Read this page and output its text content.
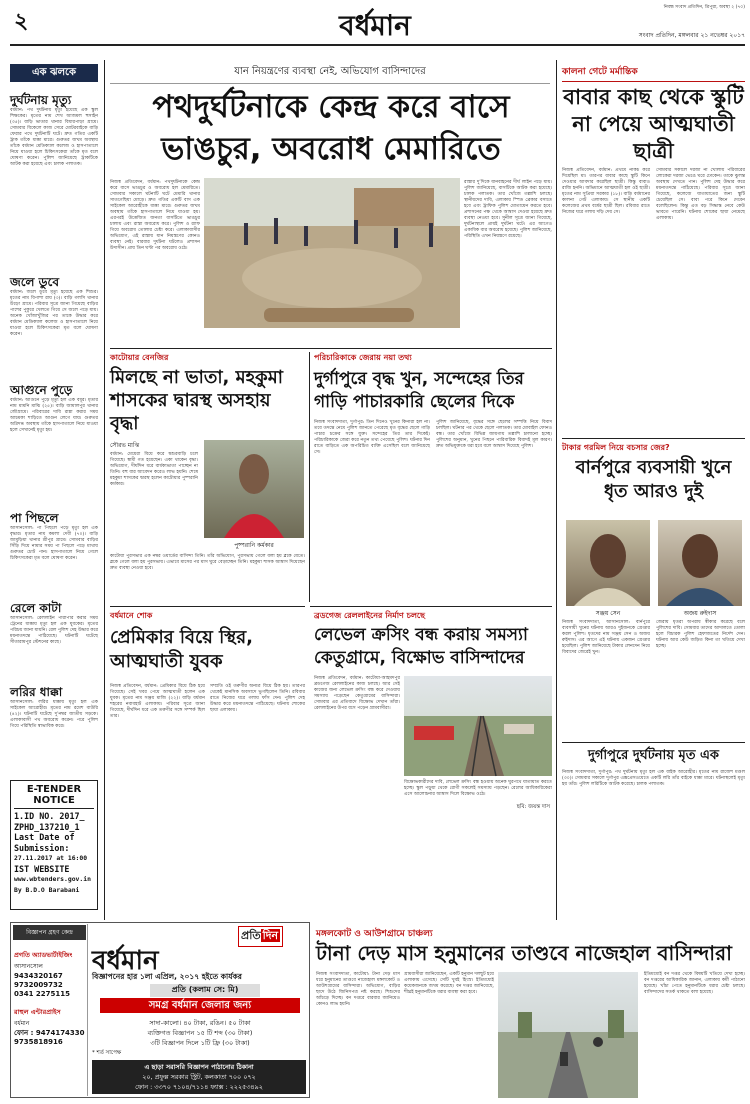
২	বর্ধমান
নিবন্ধ সংবাদ প্রতিদিন, ত্রিপুরা, অবস্থা ২ (৭০)
সংবাদ প্রতিদিন, মঙ্গলবার ২১ নভেম্বর ২০১৭
এক ঝলকে
দুর্ঘটনায় মৃত্যু
বর্ধমান: পথ দুর্ঘটনায় মৃত্যু হয়েছে এক স্কুল শিক্ষকের। মৃতের নাম শেখ আজমল হুসাইন (৩৫)। বাড়ি ভাতার থানার বিধারপাড়া গ্রামে। সোমবার বিকেলে কাজ সেরে মোটরবাইকে বাড়ি ফেরার পথে দুর্ঘটনাটি ঘটে। দ্রুত গতির একটি ট্রাক তাঁকে ধাক্কা মারে। গুরুতর জখম অবস্থায় তাঁকে বর্ধমান মেডিক্যাল কলেজ ও হাসপাতালে নিয়ে যাওয়া হলে চিকিৎসকেরা তাঁকে মৃত বলে ঘোষণা করেন। পুলিশ জানিয়েছে ট্রাকটিকে আটক করা হয়েছে এবং চালক পলাতক।
জলে ডুবে
বর্ধমান: জলে ডুবে মৃত্যু হয়েছে এক শিশুর। মৃতের নাম বিপাশা রায় (৩)। বাড়ি গলসি থানার উড়ো গ্রামে। পরিবার সূত্রে জানা গিয়েছে বাড়ির পাশের পুকুরে খেলতে গিয়ে সে জলে পড়ে যায়। অনেক খোঁজাখুঁজির পর তাকে উদ্ধার করে বর্ধমান মেডিক্যাল কলেজ ও হাসপাতালে নিয়ে যাওয়া হলে চিকিৎসকেরা মৃত বলে ঘোষণা করেন।
আগুনে পুড়ে
বর্ধমান: আগুনে পুড়ে মৃত্যু হল এক বধূর। মৃতার নাম মামনি মাঝি (২৫)। বাড়ি জামালপুর থানার জৌগ্রামে। পরিবারের দাবি রান্না করার সময় আচমকা শাড়িতে আগুন লেগে যায়। গুরুতর অগ্নিদগ্ধ অবস্থায় তাঁকে হাসপাতালে নিয়ে যাওয়া হলে সেখানেই মৃত্যু হয়।
পা পিছলে
আসানসোল: পা পিছলে পড়ে মৃত্যু হল এক বৃদ্ধার। মৃতার নাম কমলা দেবী (৭০)। বাড়ি জামুড়িয়া থানার শ্রীপুর গ্রামে। সোমবার বাড়ির সিঁড়ি দিয়ে নামার সময় পা পিছলে পড়ে মাথায় গুরুতর চোট পান। হাসপাতালে নিয়ে গেলে চিকিৎসকেরা মৃত বলে ঘোষণা করেন।
রেলে কাটা
আসানসোল: রেললাইন পারাপার করার সময় ট্রেনের ধাক্কায় মৃত্যু হল এক যুবকের। মৃতের পরিচয় জানা যায়নি। রেল পুলিশ দেহ উদ্ধার করে ময়নাতদন্তে পাঠিয়েছে। ঘটনাটি ঘটেছে সীতারামপুর স্টেশনের কাছে।
লরির ধাক্কা
আসানসোল: লরির ধাক্কায় মৃত্যু হল এক সাইকেল আরোহীর। মৃতের নাম রমেশ বাউরি (৪২)। ঘটনাটি ঘটেছে দু’নম্বর জাতীয় সড়কে। এলাকাবাসী পথ অবরোধ করেন। পরে পুলিশ গিয়ে পরিস্থিতি স্বাভাবিক করে।
E-TENDER
NOTICE
1.ID NO. 2017_
ZPHD_137210_1
Last Date of
Submission:
27.11.2017 at 16:00
IST WEBSITE
www.wbtenders.gov.in
By B.D.O Barabani
যান নিয়ন্ত্রণের ব্যবস্থা নেই, অভিযোগ বাসিন্দাদের
পথদুর্ঘটনাকে কেন্দ্র করে বাসে
ভাঙচুর, অবরোধ মেমারিতে
নিজস্ব প্রতিবেদন, বর্ধমান: পথদুর্ঘটনাকে কেন্দ্র করে বাসে ভাঙচুর ও অবরোধ হল মেমারিতে। সোমবার সকালে ঘটনাটি ঘটে মেমারি থানার সাতগেছিয়া মোড়ে। দ্রুত গতির একটি বাস এক সাইকেল আরোহীকে ধাক্কা মারে। গুরুতর জখম অবস্থায় তাঁকে হাসপাতালে নিয়ে যাওয়া হয়। এরপরই উত্তেজিত জনতা বাসটিতে ভাঙচুর চালায় এবং রাস্তা অবরোধ করে। পুলিশ ও র‍্যাফ গিয়ে অবরোধ তোলার চেষ্টা করে। এলাকাবাসীর অভিযোগ, এই রাস্তায় যান নিয়ন্ত্রণের কোনও ব্যবস্থা নেই। বারবার দুর্ঘটনা ঘটলেও প্রশাসন উদাসীন। প্রায় তিন ঘণ্টা পর অবরোধ ওঠে।
রাস্তার দু’দিকে যানবাহনের দীর্ঘ লাইন পড়ে যায়। পুলিশ জানিয়েছে, বাসটিকে আটক করা হয়েছে। চালক পলাতক। তার খোঁজে তল্লাশি চলছে। স্থানীয়দের দাবি, এলাকায় স্পিড ব্রেকার বসাতে হবে এবং ট্রাফিক পুলিশ মোতায়েন করতে হবে। প্রশাসনের পক্ষ থেকে আশ্বাস দেওয়া হয়েছে দ্রুত ব্যবস্থা নেওয়া হবে। সুনীল সূত্রে জানা গিয়েছে, দুর্ঘটনাস্থলে প্রায়ই দুর্ঘটনা ঘটে। এর আগেও একাধিক বার অবরোধ হয়েছে। পুলিশ জানিয়েছে, পরিস্থিতি এখন নিয়ন্ত্রণে রয়েছে।
কালনা গেটে মর্মান্তিক
বাবার কাছ থেকে স্কুটি না পেয়ে আত্মঘাতী ছাত্রী
নিজস্ব প্রতিবেদন, বর্ধমান: প্রথমে নাকচ করে দিয়েছিল মা। তারপর বাবার কাছে স্কুটি কিনে দেওয়ার আবদার করেছিল ছাত্রী। কিন্তু বাবাও রাজি হননি। অভিমানে আত্মঘাতী হল ওই ছাত্রী। মৃতের নাম সুপ্রিয়া সরকার (১৮)। বাড়ি বর্ধমানের কালনা গেট এলাকায়। সে স্থানীয় একটি কলেজের প্রথম বর্ষের ছাত্রী ছিল। রবিবার রাতে নিজের ঘরে গলায় দড়ি দেয় সে।
সোমবার সকালে দরজা না খোলায় পরিবারের লোকেরা দরজা ভেঙে ঘরে ঢোকেন। তাকে ঝুলন্ত অবস্থায় দেখতে পান। পুলিশ দেহ উদ্ধার করে ময়নাতদন্তে পাঠিয়েছে। পরিবার সূত্রে জানা গিয়েছে, কলেজে যাতায়াতের জন্য স্কুটি চেয়েছিল সে। বাবা পরে কিনে দেবেন বলেছিলেন। কিন্তু এত বড় সিদ্ধান্ত নেবে কেউ ভাবতে পারেনি। ঘটনায় শোকের ছায়া নেমেছে এলাকায়।
কাটোয়ার বেনজির
মিলছে না ভাতা, মহকুমা শাসকের দ্বারস্থ অসহায় বৃদ্ধা
সৌরভ মাঝি
বর্ধমান: মেয়েরা বিয়ে করে শ্বশুরবাড়ি চলে গিয়েছে। স্বামী গত হয়েছেন। একা থাকেন বৃদ্ধা। অভিযোগ, দীর্ঘদিন ধরে বার্ধক্যভাতা পাচ্ছেন না তিনি। বহু বার আবেদন করেও লাভ হয়নি। শেষে মহকুমা শাসকের দ্বারস্থ হলেন কাটোয়ার পুষ্পরানি কর্মকার।
পুষ্পরানি কর্মকার
কাটোয়া পুরসভার এক নম্বর ওয়ার্ডের বাসিন্দা তিনি। তাঁর অভিযোগ, পুরসভায় গেলে বলা হয় ব্লকে যেতে। ব্লকে গেলে বলা হয় পুরসভায়। এভাবে মাসের পর মাস ঘুরে বেড়াচ্ছেন তিনি। মহকুমা শাসক আশ্বাস দিয়েছেন দ্রুত ব্যবস্থা নেওয়া হবে।
পরিচারিকাকে জেরায় নয়া তথ্য
দুর্গাপুরে বৃদ্ধ খুন, সন্দেহের তির গাড়ি পাচারকারি ছেলের দিকে
নিজস্ব সংবাদদাতা, দুর্গাপুর: তিন দিনেও খুনের কিনারা হল না। তবে তদন্তে নেমে পুলিশ জানতে পেরেছে মৃত বৃদ্ধের ছেলে গাড়ি পাচার চক্রের সঙ্গে যুক্ত। সন্দেহের তির তার দিকেই। পরিচারিকাকে জেরা করে নতুন তথ্য পেয়েছে পুলিশ। ঘটনার দিন রাতে বাড়িতে এক অপরিচিত ব্যক্তি এসেছিল বলে জানিয়েছে সে।
পুলিশ জানিয়েছে, বৃদ্ধের সঙ্গে ছেলের সম্পত্তি নিয়ে বিবাদ চলছিল। ঘটনার পর থেকে ছেলে পলাতক। তার মোবাইল ফোনও বন্ধ। তার খোঁজে বিভিন্ন জায়গায় তল্লাশি চালানো হচ্ছে। পুলিশের অনুমান, খুনের পিছনে পারিবারিক বিবাদই মূল কারণ। দ্রুত অভিযুক্তকে ধরা হবে বলে আশ্বাস দিয়েছে পুলিশ।	টাকার গরমিল নিয়ে বচসার জের?
বার্নপুরে ব্যবসায়ী খুনে ধৃত আরও দুই
সঞ্জয় সেন	অজয় রুইদাস
নিজস্ব সংবাদদাতা, আসানসোল: বার্নপুরে ব্যবসায়ী খুনের ঘটনায় আরও দুইজনকে গ্রেপ্তার করল পুলিশ। ধৃতদের নাম সঞ্জয় সেন ও অজয় রুইদাস। এর আগে এই ঘটনায় একজন গ্রেপ্তার হয়েছিল। পুলিশ জানিয়েছে টাকার লেনদেন নিয়ে বিবাদের জেরেই খুন।
জেরায় ধৃতরা অপরাধ স্বীকার করেছে বলে পুলিশের দাবি। সোমবার তাদের আদালতে তোলা হলে বিচারক পুলিশ হেফাজতের নির্দেশ দেন। ঘটনায় আর কেউ জড়িত কিনা তা খতিয়ে দেখা হচ্ছে।
ব্রডগেজ রেললাইনের নির্মাণ চলছে
লেভেল ক্রসিং বন্ধ করায় সমস্যা কেতুগ্রামে, বিক্ষোভ বাসিন্দাদের
নিজস্ব প্রতিবেদন, বর্ধমান: কাটোয়া-আহমদপুর ব্রডগেজ রেললাইনের কাজ চলছে। আর সেই কাজের জন্য লেভেল ক্রসিং বন্ধ করে দেওয়ায় সমস্যায় পড়েছেন কেতুগ্রামের বাসিন্দারা। সোমবার এর প্রতিবাদে বিক্ষোভ দেখান তাঁরা। রেললাইনের উপর বসে পড়েন গ্রামবাসীরা।
ছবি: জয়ন্ত দাস
বিক্ষোভকারীদের দাবি, লেভেল ক্রসিং বন্ধ হওয়ায় অনেক ঘুরপথে যাতায়াত করতে হচ্ছে। স্কুল পড়ুয়া থেকে রোগী সকলেই সমস্যায় পড়ছেন। রেলের আধিকারিকেরা এসে আলোচনার আশ্বাস দিলে বিক্ষোভ ওঠে।
বর্ধমানে শোক
প্রেমিকার বিয়ে স্থির, আত্মঘাতী যুবক
নিজস্ব প্রতিবেদন, বর্ধমান: প্রেমিকার বিয়ে ঠিক হয়ে গিয়েছে। সেই খবর পেয়ে আত্মঘাতী হলেন এক যুবক। মৃতের নাম সঞ্জয় মাজি (২২)। বাড়ি বর্ধমান শহরের নবাবহাট এলাকায়। পরিবার সূত্রে জানা গিয়েছে, দীর্ঘদিন ধরে এক তরুণীর সঙ্গে সম্পর্ক ছিল তার।
সম্প্রতি ওই তরুণীর অন্যত্র বিয়ে ঠিক হয়। তারপর থেকেই মানসিক অবসাদে ভুগছিলেন তিনি। রবিবার রাতে নিজের ঘরে গলায় ফাঁস দেন। পুলিশ দেহ উদ্ধার করে ময়নাতদন্তে পাঠিয়েছে। ঘটনায় শোকের ছায়া এলাকায়।
দুর্গাপুরে দুর্ঘটনায় মৃত এক
নিজস্ব সংবাদদাতা, দুর্গাপুর: পথ দুর্ঘটনায় মৃত্যু হল এক বাইক আরোহীর। মৃতের নাম রাজেশ মণ্ডল (৩০)। সোমবার সকালে দুর্গাপুর এক্সপ্রেসওয়েতে একটি লরি তাঁর বাইকে ধাক্কা মারে। ঘটনাস্থলেই মৃত্যু হয় তাঁর। পুলিশ লরিটিকে আটক করেছে। চালক পলাতক।
বিজ্ঞাপন গ্রহণ কেন্দ্র
প্রগতি অ্যাডভার্টাইজিং
আসানসোল
9434320167
9732009732
0341 2275115
রাহুল এন্টারপ্রাইস
বর্ধমান
ফোন : 9474174330
9735818916
প্রতি দিন
বর্ধমান
বিজ্ঞাপনের হার ১লা এপ্রিল, ২০১৭ হইতে কার্যকর
প্রতি (কলাম সে: মি)
সমগ্র বর্ধমান জেলার জন্য
সাদা-কালো। ৪০ টাকা, রঙিন। ৫০ টাকা
ব্যক্তিগত বিজ্ঞাপন ১৫ টি শব্দ (৩০ টাকা)
৩টি বিজ্ঞাপন দিলে ১টি ফ্রি (৩০ টাকা)
* শর্ত সাপেক্ষ
এ ছাড়া সরাসরি বিজ্ঞাপন পাঠানোর ঠিকানা
২০, প্রফুল্ল সরকার স্ট্রিট, কলকাতা ৭০০ ০৭২
ফোন : ৩৩৭০ ৭১০৪/৭১১৪ ফ্যাক্স : ২২২৫৩৪৯২
মঙ্গলকোট ও আউশগ্রামে চাঞ্চল্য
টানা দেড় মাস হনুমানের তাণ্ডবে নাজেহাল বাসিন্দারা
নিজস্ব সংবাদদাতা, কাটোয়া: টানা দেড় মাস ধরে হনুমানের তাণ্ডবে নাজেহাল মঙ্গলকোট ও আউশগ্রামের বাসিন্দারা। অভিযোগ, বাড়ির ছাদে উঠে জিনিসপত্র নষ্ট করছে। শিশুদের আঁচড়ে দিচ্ছে। বন দপ্তরে বারবার জানিয়েও কোনও লাভ হয়নি।
গ্রামবাসীরা জানিয়েছেন, একটি হনুমান দলছুট হয়ে এলাকায় এসেছে। সেটি খুবই হিংস্র। ইতিমধ্যেই কয়েকজনকে জখম করেছে। বন দপ্তর জানিয়েছে, শীঘ্রই হনুমানটিকে ধরার ব্যবস্থা করা হবে।
ইতিমধ্যেই বন দপ্তর থেকে বিষয়টি খতিয়ে দেখা হচ্ছে। বন দপ্তরের আধিকারিক জানান, এলাকায় কর্মী পাঠানো হয়েছে। খাঁচা পেতে হনুমানটিকে ধরার চেষ্টা চলছে। বাসিন্দাদের সতর্ক থাকতে বলা হয়েছে।
